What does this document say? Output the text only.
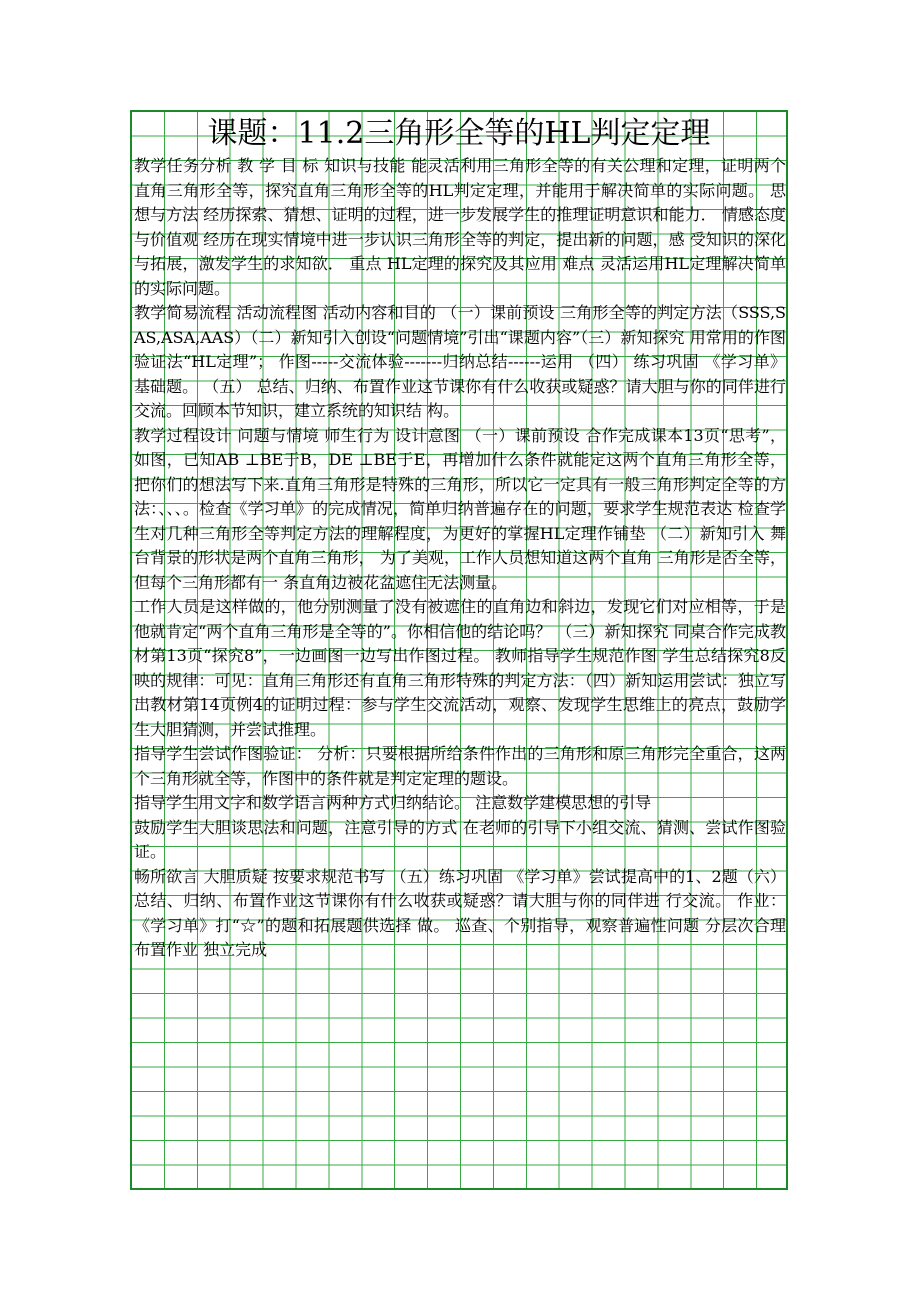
课题：11.2三角形全等的HL判定定理

教学任务分析 教 学 目 标 知识与技能 能灵活利用三角形全等的有关公理和定理，证明两个直角三角形全等，探究直角三角形全等的HL判定定理，并能用于解决简单的实际问题。 思想与方法 经历探索、猜想、证明的过程，进一步发展学生的推理证明意识和能力． 情感态度 与价值观 经历在现实情境中进一步认识三角形全等的判定，提出新的问题，感 受知识的深化与拓展，激发学生的求知欲． 重点 HL定理的探究及其应用 难点 灵活运用HL定理解决简单的实际问题。

教学简易流程 活动流程图 活动内容和目的 （一）课前预设 三角形全等的判定方法（SSS,SAS,ASA,AAS）（二）新知引入创设“问题情境”引出“课题内容”（三）新知探究 用常用的作图验证法“HL定理”； 作图-----交流体验-------归纳总结------运用 （四） 练习巩固 《学习单》基础题。 （五） 总结、归纳、布置作业这节课你有什么收获或疑惑？请大胆与你的同伴进行交流。回顾本节知识，建立系统的知识结 构。

教学过程设计 问题与情境 师生行为 设计意图 （一）课前预设 合作完成课本13页“思考”，如图，已知AB ⊥BE于B，DE ⊥BE于E，再增加什么条件就能定这两个直角三角形全等，把你们的想法写下来.直角三角形是特殊的三角形，所以它一定具有一般三角形判定全等的方法：、、、。检查《学习单》的完成情况，简单归纳普遍存在的问题，要求学生规范表达 检查学生对几种三角形全等判定方法的理解程度，为更好的掌握HL定理作铺垫 （二）新知引入 舞台背景的形状是两个直角三角形， 为了美观，工作人员想知道这两个直角 三角形是否全等，但每个三角形都有一 条直角边被花盆遮住无法测量。

工作人员是这样做的，他分别测量了没有被遮住的直角边和斜边，发现它们对应相等，于是他就肯定“两个直角三角形是全等的”。你相信他的结论吗？ （三）新知探究 同桌合作完成教材第13页“探究8”，一边画图一边写出作图过程。 教师指导学生规范作图 学生总结探究8反映的规律：可见：直角三角形还有直角三角形特殊的判定方法：（四）新知运用尝试：独立写出教材第14页例4的证明过程：参与学生交流活动，观察、发现学生思维上的亮点，鼓励学生大胆猜测，并尝试推理。

指导学生尝试作图验证： 分析：只要根据所给条件作出的三角形和原三角形完全重合，这两个三角形就全等，作图中的条件就是判定定理的题设。

指导学生用文字和数学语言两种方式归纳结论。 注意数学建模思想的引导

鼓励学生大胆谈思法和问题，注意引导的方式 在老师的引导下小组交流、猜测、尝试作图验证。

畅所欲言 大胆质疑 按要求规范书写 （五）练习巩固 《学习单》尝试提高中的1、2题（六）总结、归纳、布置作业这节课你有什么收获或疑惑？请大胆与你的同伴进 行交流。 作业：《学习单》打“☆”的题和拓展题供选择 做。 巡查、个别指导，观察普遍性问题 分层次合理布置作业 独立完成
